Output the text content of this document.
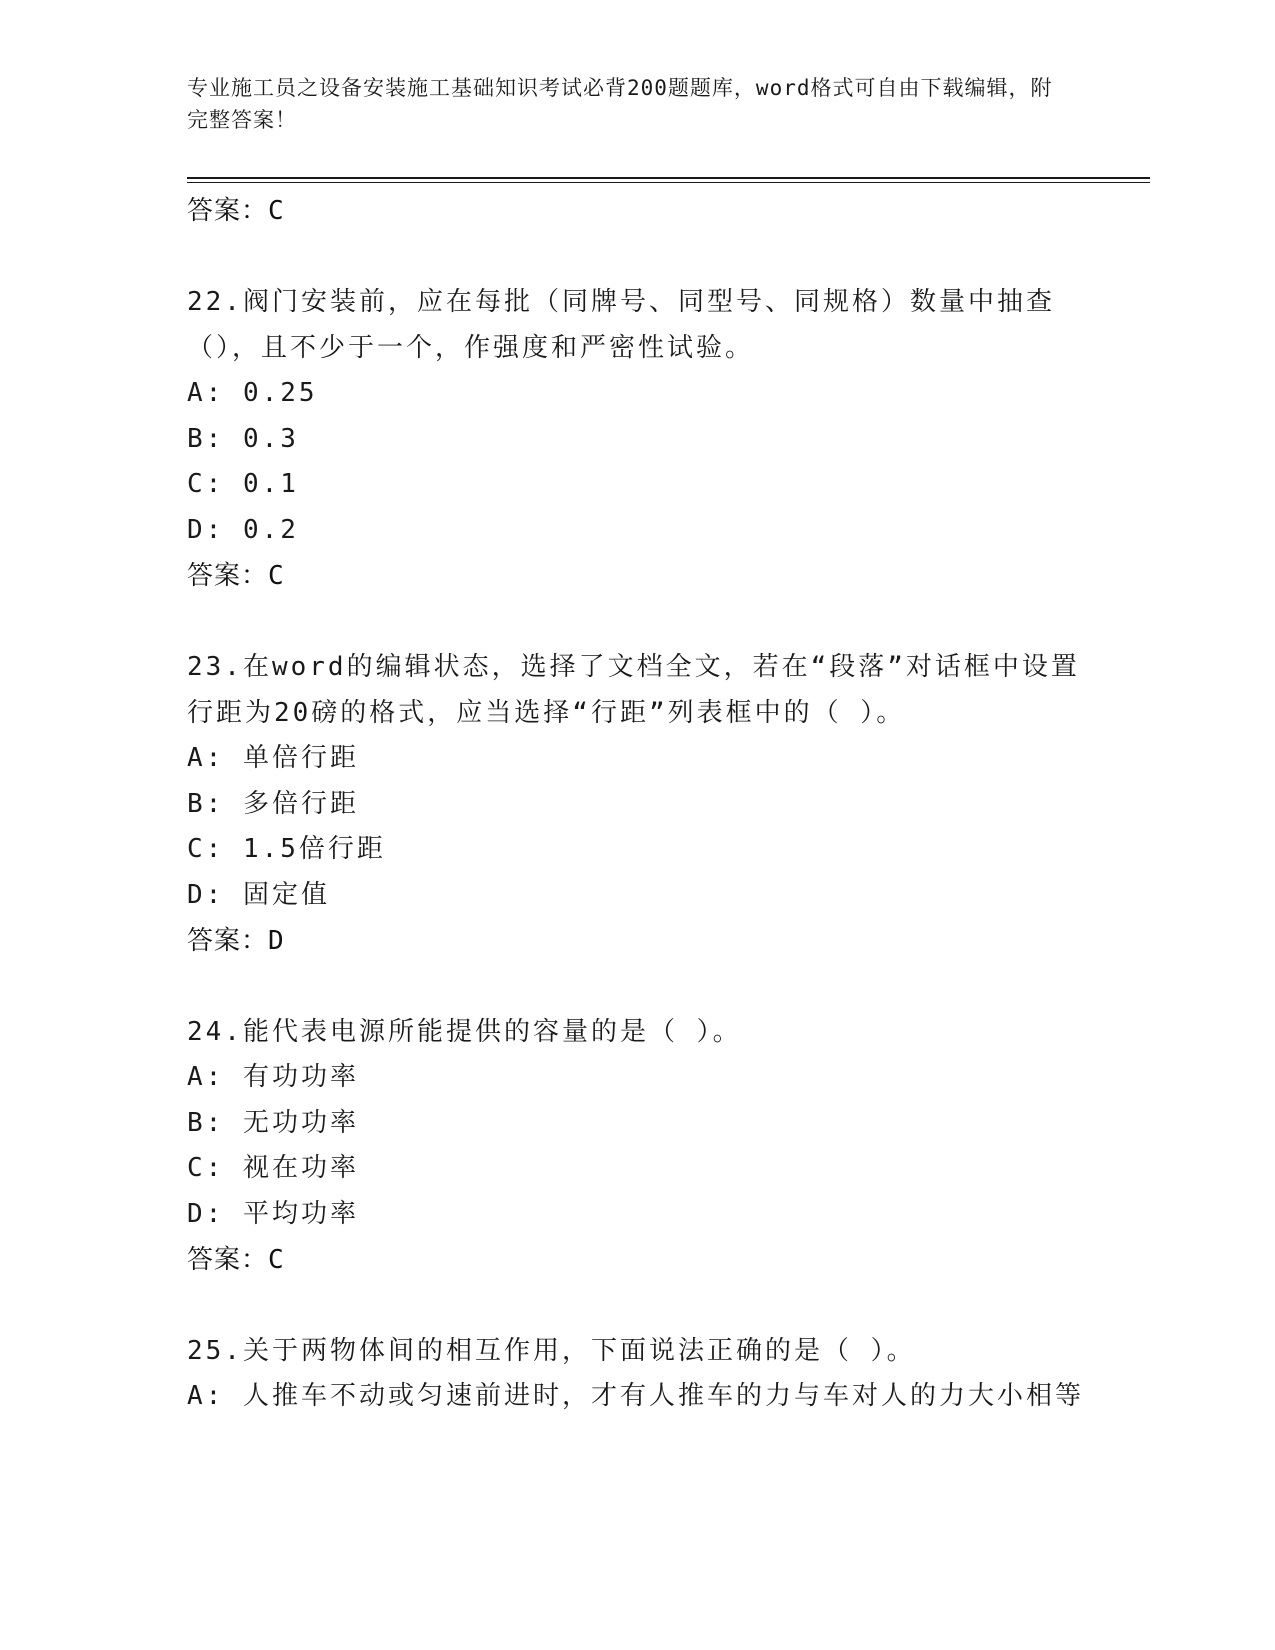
专业施工员之设备安装施工基础知识考试必背200题题库，word格式可自由下载编辑，附完整答案！
答案：C
22.阀门安装前，应在每批（同牌号、同型号、同规格）数量中抽查（），且不少于一个，作强度和严密性试验。
A: 0.25
B: 0.3
C: 0.1
D: 0.2
答案：C
23.在word的编辑状态，选择了文档全文，若在“段落”对话框中设置行距为20磅的格式，应当选择“行距”列表框中的（ ）。
A: 单倍行距
B: 多倍行距
C: 1.5倍行距
D: 固定值
答案：D
24.能代表电源所能提供的容量的是（ ）。
A: 有功功率
B: 无功功率
C: 视在功率
D: 平均功率
答案：C
25.关于两物体间的相互作用，下面说法正确的是（ ）。
A: 人推车不动或匀速前进时，才有人推车的力与车对人的力大小相等
